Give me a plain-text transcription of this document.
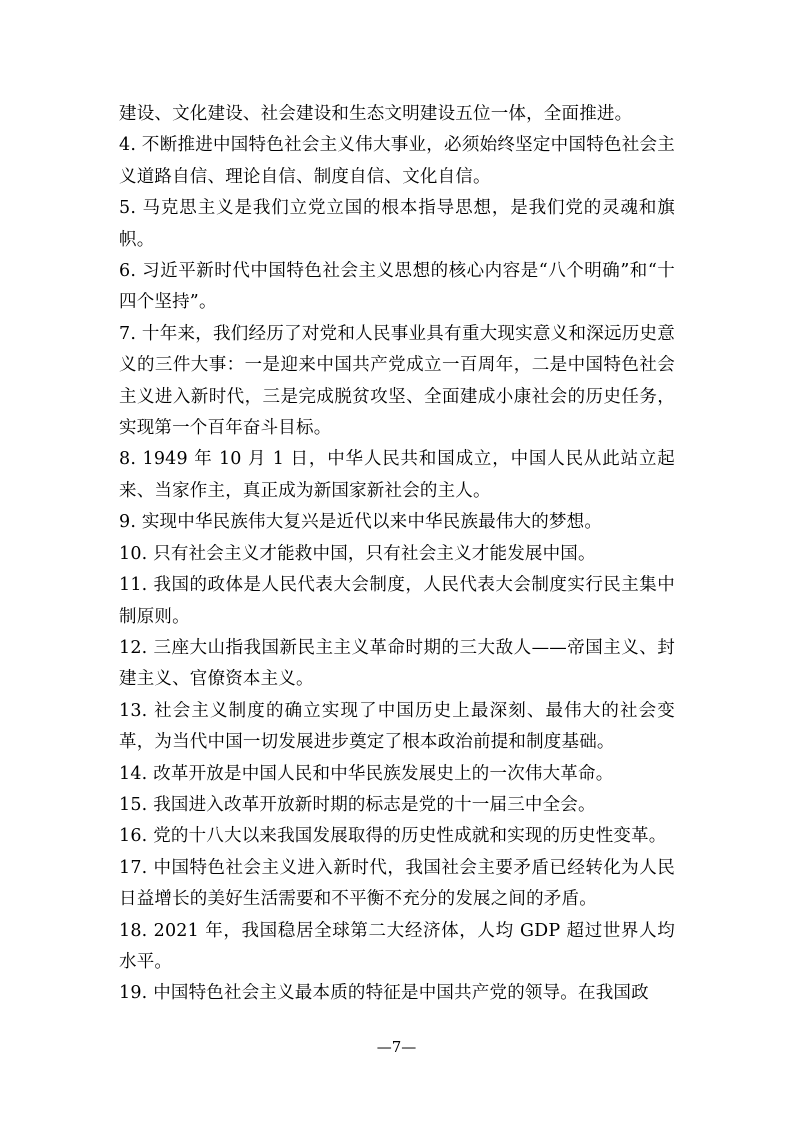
建设、文化建设、社会建设和生态文明建设五位一体，全面推进。

4. 不断推进中国特色社会主义伟大事业，必须始终坚定中国特色社会主义道路自信、理论自信、制度自信、文化自信。

5. 马克思主义是我们立党立国的根本指导思想，是我们党的灵魂和旗帜。

6. 习近平新时代中国特色社会主义思想的核心内容是“八个明确”和“十四个坚持”。

7. 十年来，我们经历了对党和人民事业具有重大现实意义和深远历史意义的三件大事：一是迎来中国共产党成立一百周年，二是中国特色社会主义进入新时代，三是完成脱贫攻坚、全面建成小康社会的历史任务，实现第一个百年奋斗目标。

8. 1949 年 10 月 1 日，中华人民共和国成立，中国人民从此站立起来、当家作主，真正成为新国家新社会的主人。

9. 实现中华民族伟大复兴是近代以来中华民族最伟大的梦想。

10. 只有社会主义才能救中国，只有社会主义才能发展中国。

11. 我国的政体是人民代表大会制度，人民代表大会制度实行民主集中制原则。

12. 三座大山指我国新民主主义革命时期的三大敌人——帝国主义、封建主义、官僚资本主义。

13. 社会主义制度的确立实现了中国历史上最深刻、最伟大的社会变革，为当代中国一切发展进步奠定了根本政治前提和制度基础。

14. 改革开放是中国人民和中华民族发展史上的一次伟大革命。

15. 我国进入改革开放新时期的标志是党的十一届三中全会。

16. 党的十八大以来我国发展取得的历史性成就和实现的历史性变革。

17. 中国特色社会主义进入新时代，我国社会主要矛盾已经转化为人民日益增长的美好生活需要和不平衡不充分的发展之间的矛盾。

18. 2021 年，我国稳居全球第二大经济体，人均 GDP 超过世界人均水平。

19. 中国特色社会主义最本质的特征是中国共产党的领导。在我国政

—7—
